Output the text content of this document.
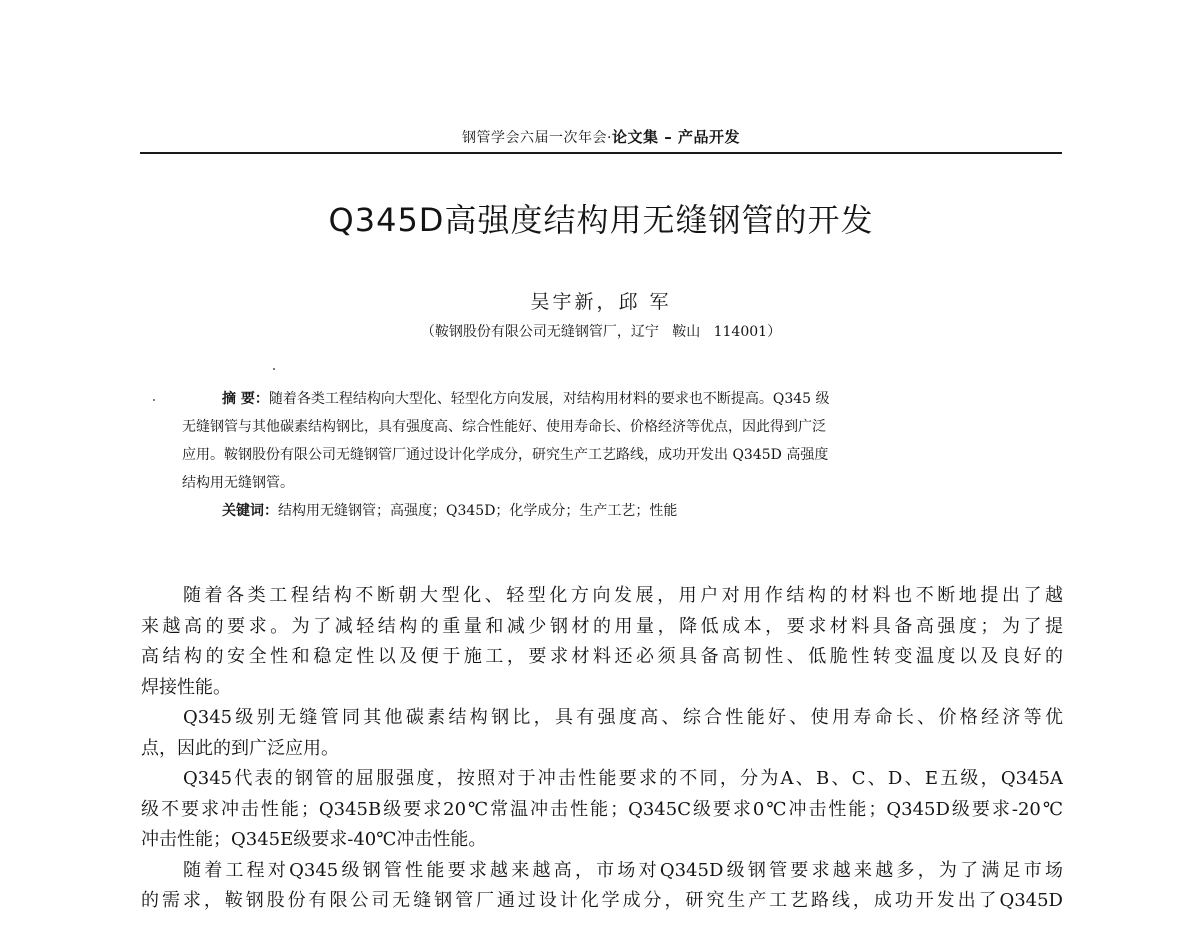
钢管学会六届一次年会·论文集 – 产品开发
Q345D高强度结构用无缝钢管的开发
吴宇新，邱 军
（鞍钢股份有限公司无缝钢管厂，辽宁   鞍山   114001）

摘 要：随着各类工程结构向大型化、轻型化方向发展，对结构用材料的要求也不断提高。Q345 级
无缝钢管与其他碳素结构钢比，具有强度高、综合性能好、使用寿命长、价格经济等优点，因此得到广泛
应用。鞍钢股份有限公司无缝钢管厂通过设计化学成分，研究生产工艺路线，成功开发出 Q345D 高强度
结构用无缝钢管。

关键词：结构用无缝钢管；高强度；Q345D；化学成分；生产工艺；性能

随着各类工程结构不断朝大型化、轻型化方向发展，用户对用作结构的材料也不断地提出了越
来越高的要求。为了减轻结构的重量和减少钢材的用量，降低成本，要求材料具备高强度；为了提
高结构的安全性和稳定性以及便于施工，要求材料还必须具备高韧性、低脆性转变温度以及良好的
焊接性能。

Q345级别无缝管同其他碳素结构钢比，具有强度高、综合性能好、使用寿命长、价格经济等优
点，因此的到广泛应用。

Q345代表的钢管的屈服强度，按照对于冲击性能要求的不同，分为A、B、C、D、E五级，Q345A
级不要求冲击性能；Q345B级要求20℃常温冲击性能；Q345C级要求0℃冲击性能；Q345D级要求-20℃
冲击性能；Q345E级要求-40℃冲击性能。

随着工程对Q345级钢管性能要求越来越高，市场对Q345D级钢管要求越来越多，为了满足市场
的需求，鞍钢股份有限公司无缝钢管厂通过设计化学成分，研究生产工艺路线，成功开发出了Q345D
